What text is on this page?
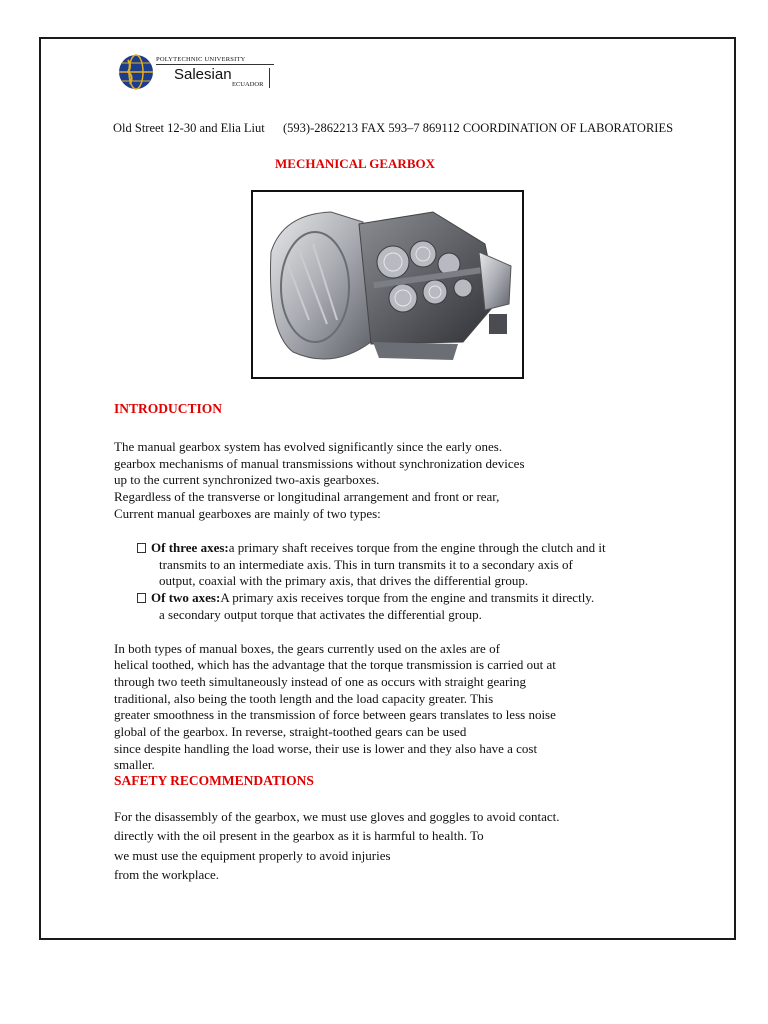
POLYTECHNIC UNIVERSITY
Salesian
ECUADOR
Old Street 12-30 and Elia Liut (593)-2862213 FAX 593–7 869112 COORDINATION OF LABORATORIES
MECHANICAL GEARBOX
INTRODUCTION
The manual gearbox system has evolved significantly since the early ones.
gearbox mechanisms of manual transmissions without synchronization devices
up to the current synchronized two-axis gearboxes.
Regardless of the transverse or longitudinal arrangement and front or rear,
Current manual gearboxes are mainly of two types:
Of three axes:a primary shaft receives torque from the engine through the clutch and it
transmits to an intermediate axis. This in turn transmits it to a secondary axis of
output, coaxial with the primary axis, that drives the differential group.
Of two axes:A primary axis receives torque from the engine and transmits it directly.
a secondary output torque that activates the differential group.
In both types of manual boxes, the gears currently used on the axles are of
helical toothed, which has the advantage that the torque transmission is carried out at
through two teeth simultaneously instead of one as occurs with straight gearing
traditional, also being the tooth length and the load capacity greater. This
greater smoothness in the transmission of force between gears translates to less noise
global of the gearbox. In reverse, straight-toothed gears can be used
since despite handling the load worse, their use is lower and they also have a cost
smaller.
SAFETY RECOMMENDATIONS
For the disassembly of the gearbox, we must use gloves and goggles to avoid contact.
directly with the oil present in the gearbox as it is harmful to health. To
we must use the equipment properly to avoid injuries
from the workplace.
